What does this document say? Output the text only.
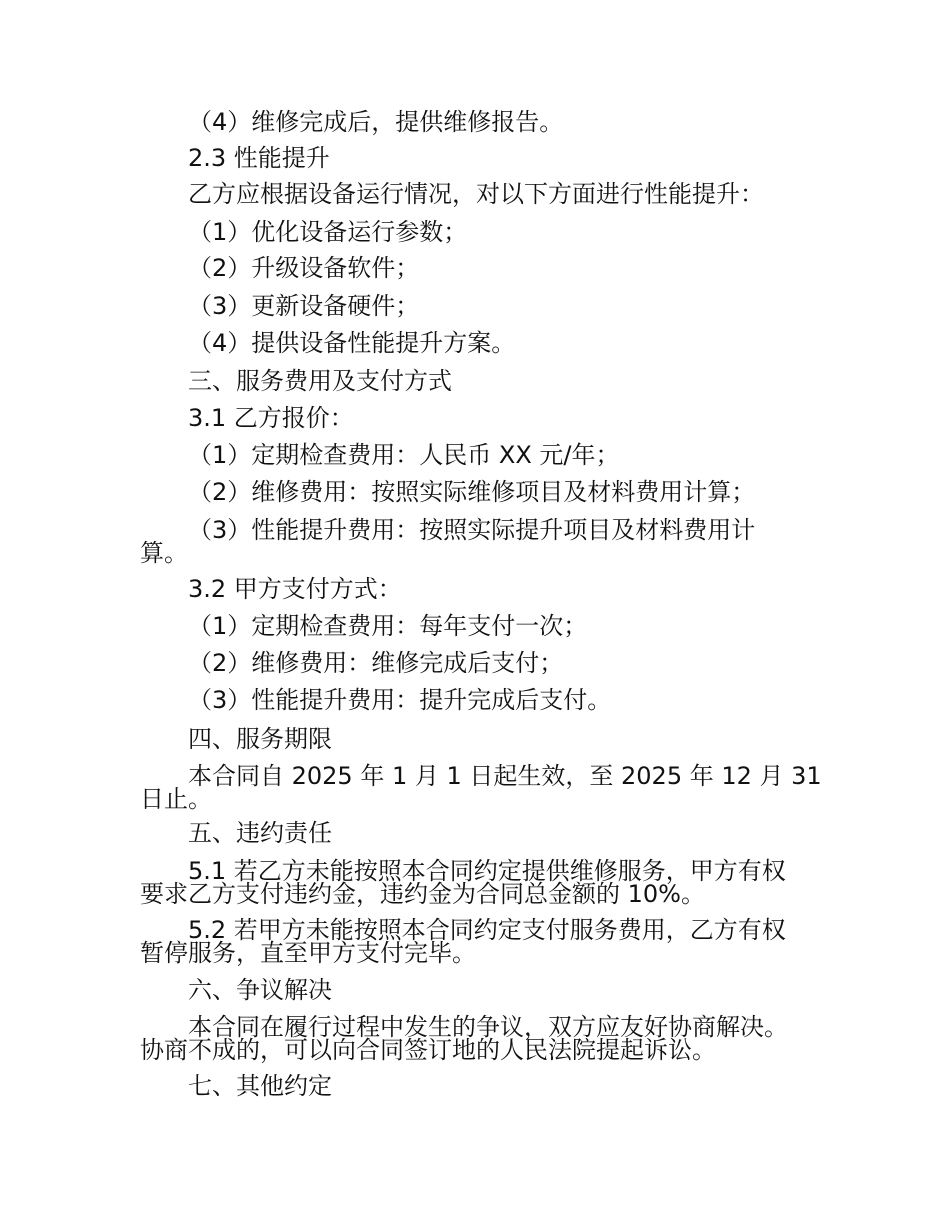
（4）维修完成后，提供维修报告。
2.3 性能提升
乙方应根据设备运行情况，对以下方面进行性能提升：
（1）优化设备运行参数；
（2）升级设备软件；
（3）更新设备硬件；
（4）提供设备性能提升方案。
三、服务费用及支付方式
3.1 乙方报价：
（1）定期检查费用：人民币 XX 元/年；
（2）维修费用：按照实际维修项目及材料费用计算；
（3）性能提升费用：按照实际提升项目及材料费用计
算。
3.2 甲方支付方式：
（1）定期检查费用：每年支付一次；
（2）维修费用：维修完成后支付；
（3）性能提升费用：提升完成后支付。
四、服务期限
本合同自 2025 年 1 月 1 日起生效，至 2025 年 12 月 31
日止。
五、违约责任
5.1 若乙方未能按照本合同约定提供维修服务，甲方有权
要求乙方支付违约金，违约金为合同总金额的 10%。
5.2 若甲方未能按照本合同约定支付服务费用，乙方有权
暂停服务，直至甲方支付完毕。
六、争议解决
本合同在履行过程中发生的争议，双方应友好协商解决。
协商不成的，可以向合同签订地的人民法院提起诉讼。
七、其他约定
